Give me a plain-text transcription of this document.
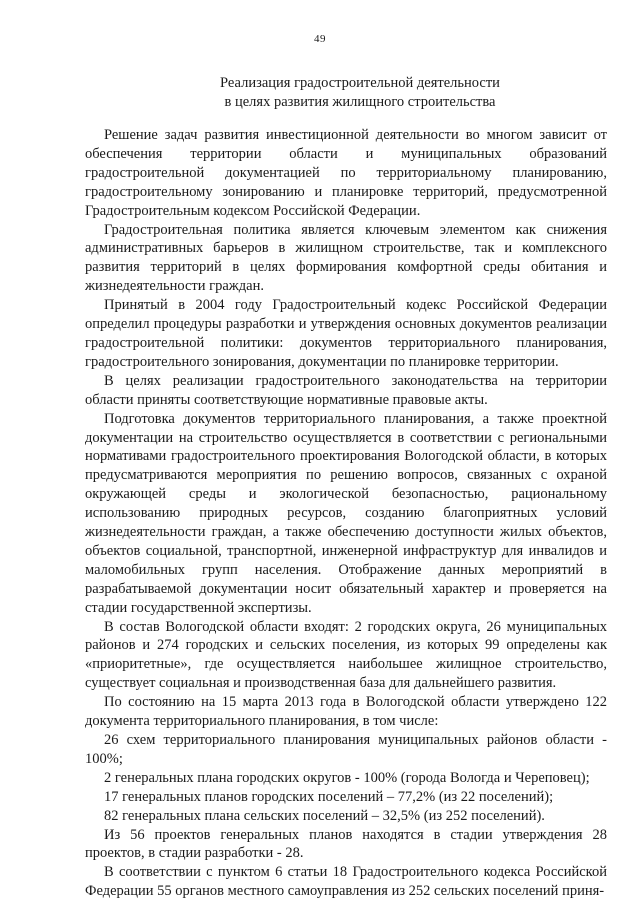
49
Реализация градостроительной деятельности
в целях развития жилищного строительства

Решение задач развития инвестиционной деятельности во многом зависит от обеспечения территории области и муниципальных образований градостроительной документацией по территориальному планированию, градостроительному зонированию и планировке территорий, предусмотренной Градостроительным кодексом Российской Федерации.

Градостроительная политика является ключевым элементом как снижения административных барьеров в жилищном строительстве, так и комплексного развития территорий в целях формирования комфортной среды обитания и жизнедеятельности граждан.

Принятый в 2004 году Градостроительный кодекс Российской Федерации определил процедуры разработки и утверждения основных документов реализации градостроительной политики: документов территориального планирования, градостроительного зонирования, документации по планировке территории.

В целях реализации градостроительного законодательства на территории области приняты соответствующие нормативные правовые акты.

Подготовка документов территориального планирования, а также проектной документации на строительство осуществляется в соответствии с региональными нормативами градостроительного проектирования Вологодской области, в которых предусматриваются мероприятия по решению вопросов, связанных с охраной окружающей среды и экологической безопасностью, рациональному использованию природных ресурсов, созданию благоприятных условий жизнедеятельности граждан, а также обеспечению доступности жилых объектов, объектов социальной, транспортной, инженерной инфраструктур для инвалидов и маломобильных групп населения. Отображение данных мероприятий в разрабатываемой документации носит обязательный характер и проверяется на стадии государственной экспертизы.

В состав Вологодской области входят: 2 городских округа, 26 муниципальных районов и 274 городских и сельских поселения, из которых 99 определены как «приоритетные», где осуществляется наибольшее жилищное строительство, существует социальная и производственная база для дальнейшего развития.

По состоянию на 15 марта 2013 года в Вологодской области утверждено 122 документа территориального планирования, в том числе:

26 схем территориального планирования муниципальных районов области - 100%;

2 генеральных плана городских округов - 100% (города Вологда и Череповец);

17 генеральных планов городских поселений – 77,2% (из 22 поселений);

82 генеральных плана сельских поселений – 32,5% (из 252 поселений).

Из 56 проектов генеральных планов находятся в стадии утверждения 28 проектов, в стадии разработки - 28.

В соответствии с пунктом 6 статьи 18 Градостроительного кодекса Российской Федерации 55 органов местного самоуправления из 252 сельских поселений приня-
